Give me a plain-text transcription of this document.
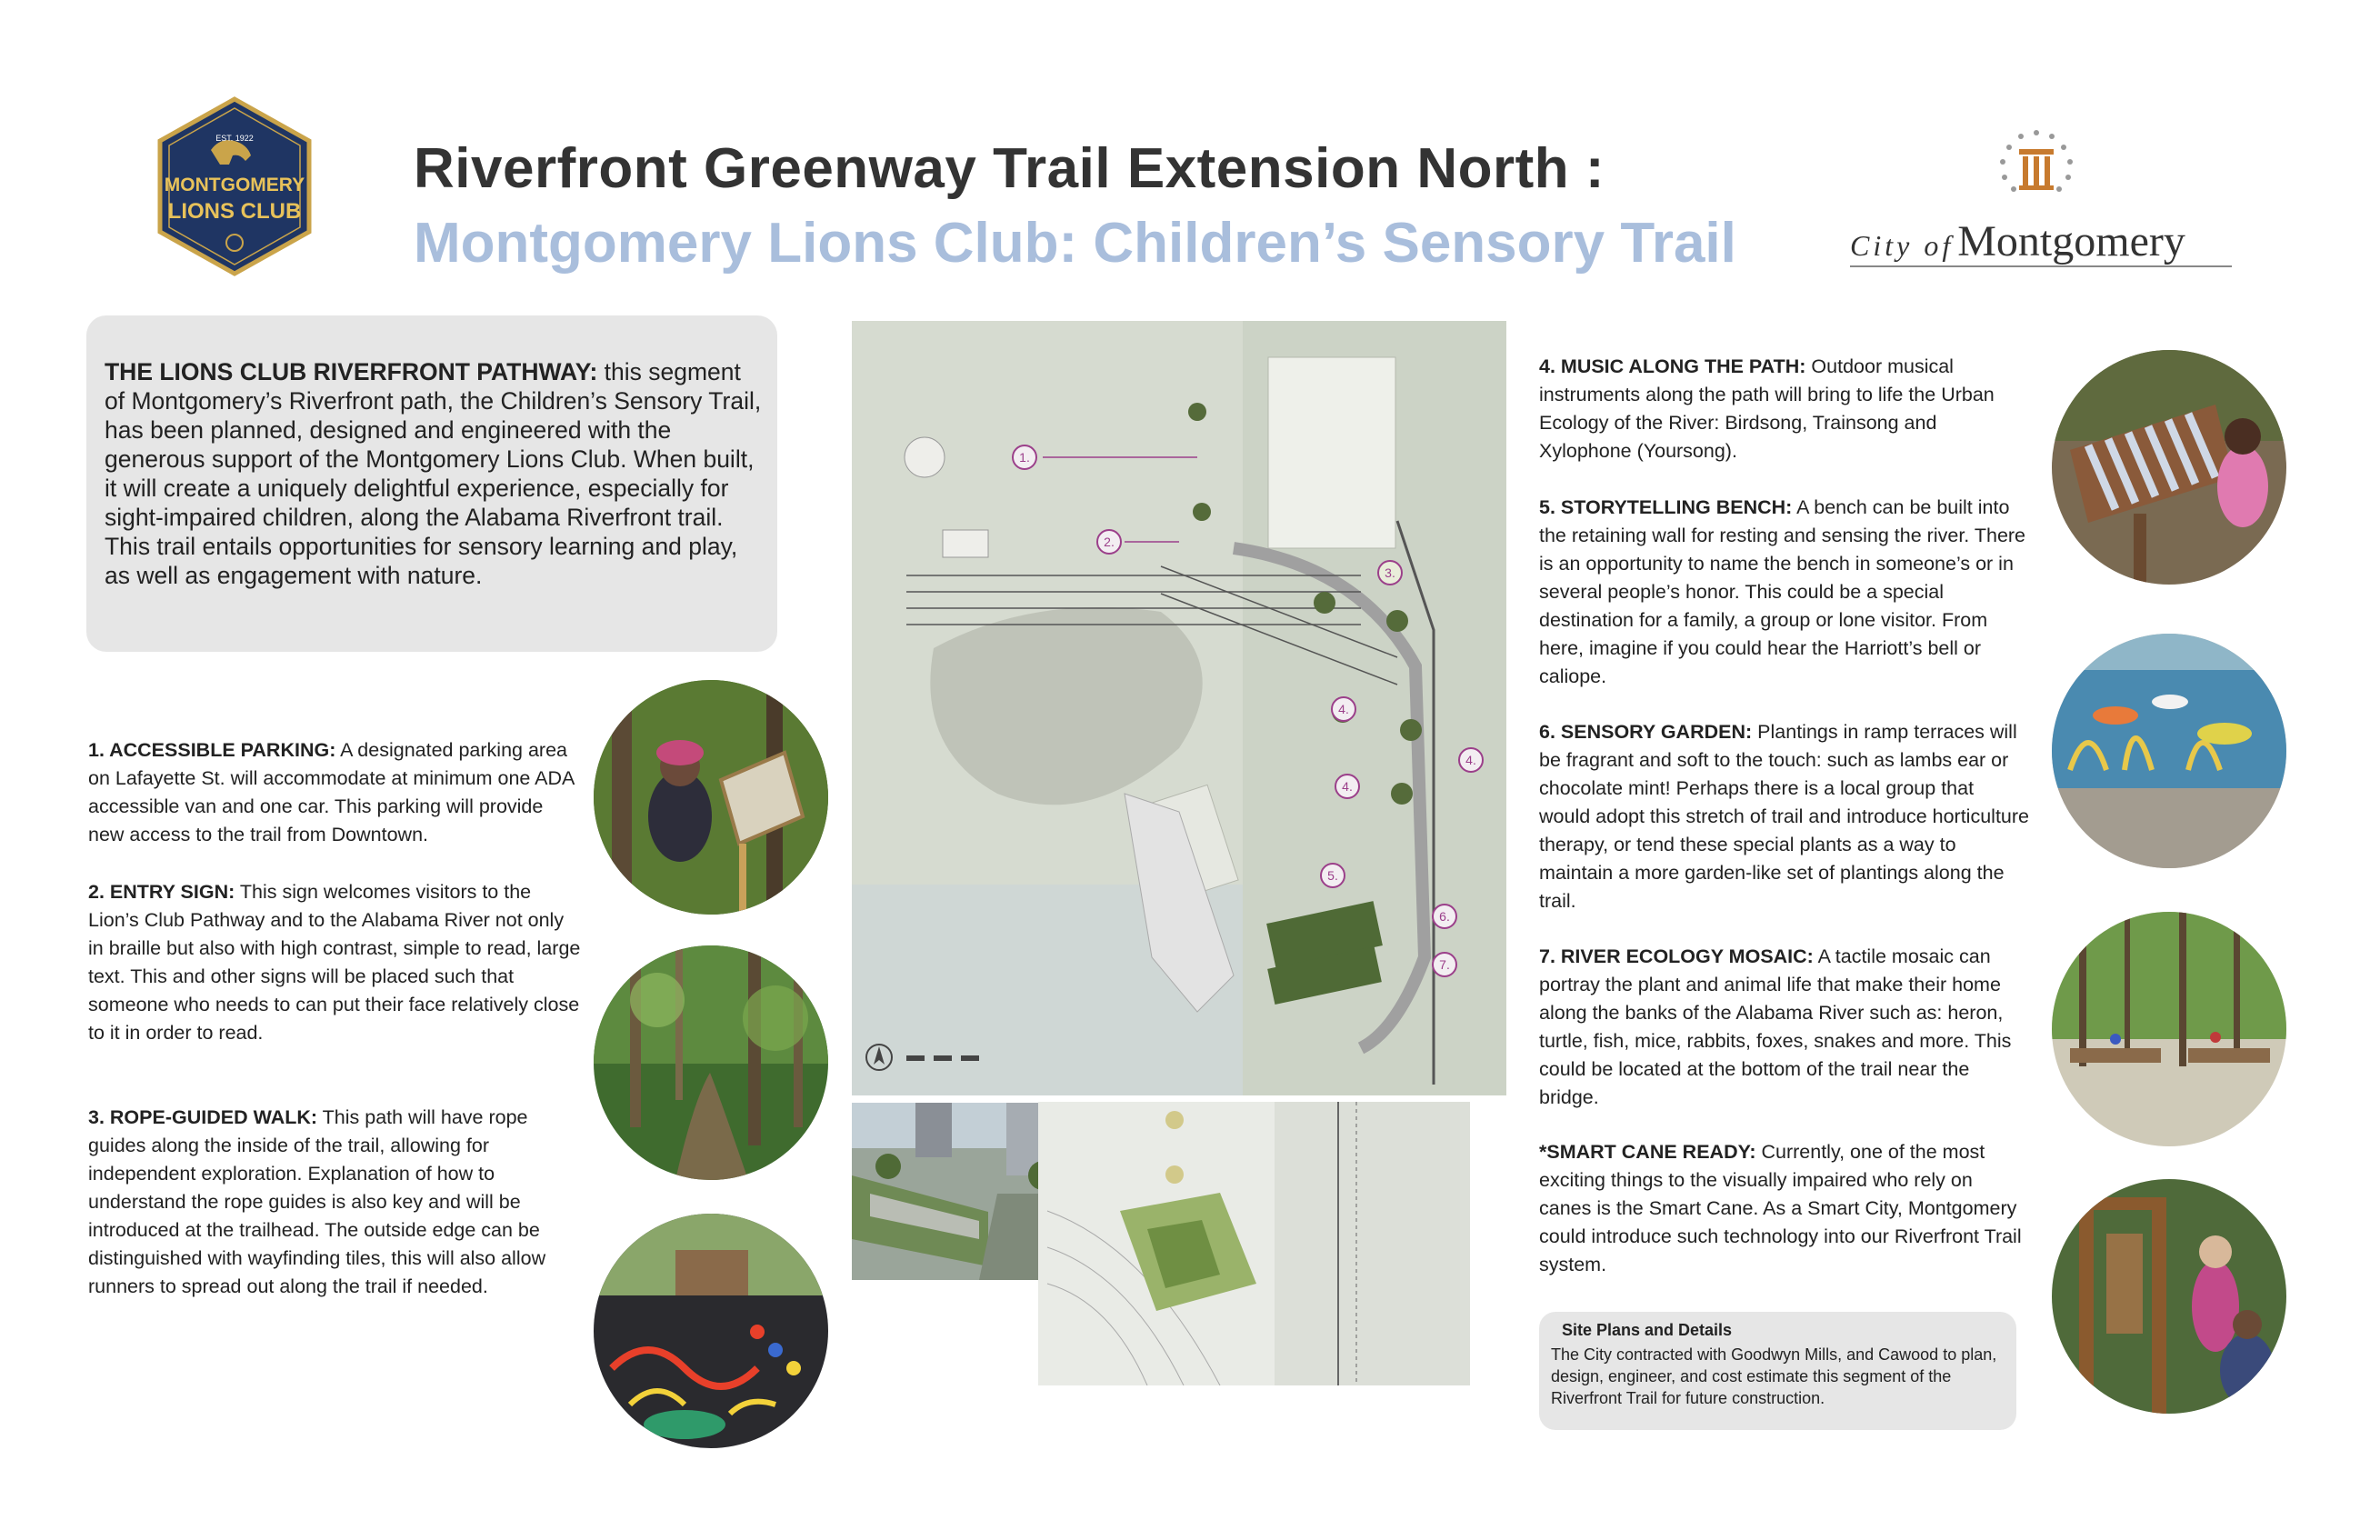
EST. 1922
MONTGOMERY
LIONS CLUB
Riverfront Greenway Trail Extension North :
Montgomery Lions Club: Children’s Sensory Trail	City of Montgomery
THE LIONS CLUB RIVERFRONT PATHWAY: this segment of Montgomery’s Riverfront path, the Children’s Sensory Trail, has been planned, designed and engineered with the generous support of the Montgomery Lions Club. When built, it will create a uniquely delightful experience, especially for sight-impaired children, along the Alabama Riverfront trail. This trail entails opportunities for sensory learning and play, as well as engagement with nature.
1. ACCESSIBLE PARKING: A designated parking area on Lafayette St. will accommodate at minimum one ADA accessible van and one car. This parking will provide new access to the trail from Downtown.
2. ENTRY SIGN: This sign welcomes visitors to the Lion’s Club Pathway and to the Alabama River not only in braille but also with high contrast, simple to read, large text. This and other signs will be placed such that someone who needs to can put their face relatively close to it in order to read.
3. ROPE-GUIDED WALK: This path will have rope guides along the inside of the trail, allowing for independent exploration. Explanation of how to understand the rope guides is also key and will be introduced at the trailhead. The outside edge can be distinguished with wayfinding tiles, this will also allow runners to spread out along the trail if needed.
1.
2.
3.
4.
4.
4.
5.
6.
7.
4. MUSIC ALONG THE PATH: Outdoor musical instruments along the path will bring to life the Urban Ecology of the River: Birdsong, Trainsong and Xylophone (Yoursong).
5. STORYTELLING BENCH: A bench can be built into the retaining wall for resting and sensing the river. There is an opportunity to name the bench in someone’s or in several people’s honor. This could be a special destination for a family, a group or lone visitor. From here, imagine if you could hear the Harriott’s bell or caliope.
6. SENSORY GARDEN: Plantings in ramp terraces will be fragrant and soft to the touch: such as lambs ear or chocolate mint! Perhaps there is a local group that would adopt this stretch of trail and introduce horticulture therapy, or tend these special plants as a way to maintain a more garden-like set of plantings along the trail.
7. RIVER ECOLOGY MOSAIC: A tactile mosaic can portray the plant and animal life that make their home along the banks of the Alabama River such as: heron, turtle, fish, mice, rabbits, foxes, snakes and more. This could be located at the bottom of the trail near the bridge.
*SMART CANE READY: Currently, one of the most exciting things to the visually impaired who rely on canes is the Smart Cane. As a Smart City, Montgomery could introduce such technology into our Riverfront Trail system.
Site Plans and Details
The City contracted with Goodwyn Mills, and Cawood to plan, design, engineer, and cost estimate this segment of the Riverfront Trail for future construction.
